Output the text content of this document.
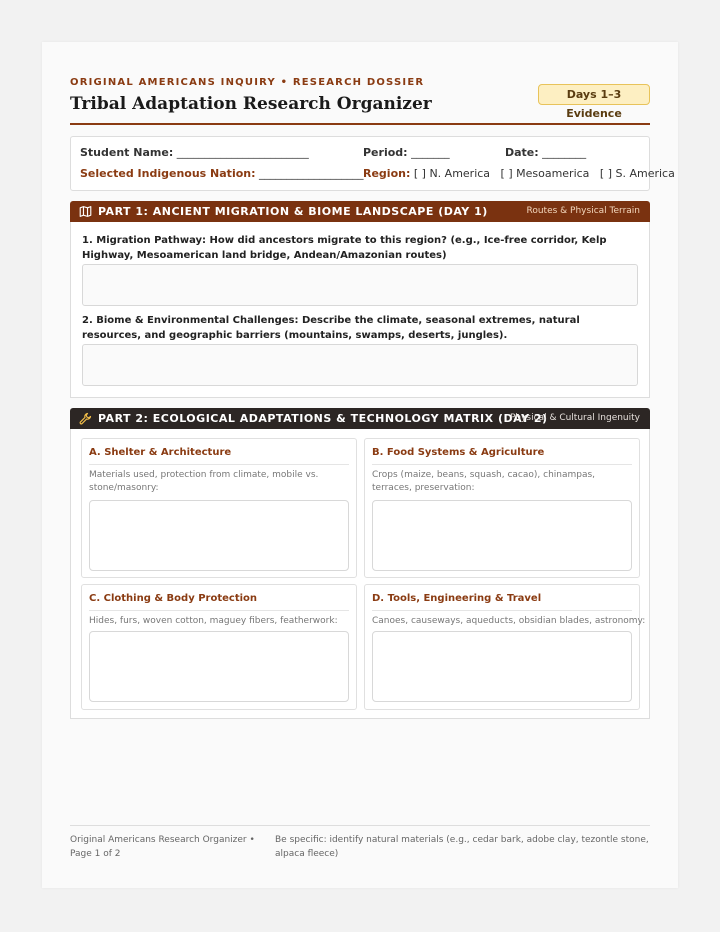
ORIGINAL AMERICANS INQUIRY • RESEARCH DOSSIER
Tribal Adaptation Research Organizer	Days 1–3 Evidence
Student Name: ________________________	Period: _______	Date: ________
Selected Indigenous Nation: ___________________ Region: [ ] N. America   [ ] Mesoamerica   [ ] S. America
PART 1: ANCIENT MIGRATION & BIOME LANDSCAPE (DAY 1)	Routes & Physical Terrain
1. Migration Pathway: How did ancestors migrate to this region? (e.g., Ice-free corridor, Kelp Highway, Mesoamerican land bridge, Andean/Amazonian routes)
2. Biome & Environmental Challenges: Describe the climate, seasonal extremes, natural resources, and geographic barriers (mountains, swamps, deserts, jungles).
PART 2: ECOLOGICAL ADAPTATIONS & TECHNOLOGY MATRIX (DAY 2)
Physical & Cultural Ingenuity
A. Shelter & Architecture
Materials used, protection from climate, mobile vs. stone/masonry:
B. Food Systems & Agriculture
Crops (maize, beans, squash, cacao), chinampas, terraces, preservation:
C. Clothing & Body Protection
Hides, furs, woven cotton, maguey fibers, featherwork:
D. Tools, Engineering & Travel
Canoes, causeways, aqueducts, obsidian blades, astronomy:
Original Americans Research Organizer • Page 1 of 2
Be specific: identify natural materials (e.g., cedar bark, adobe clay, tezontle stone, alpaca fleece)
